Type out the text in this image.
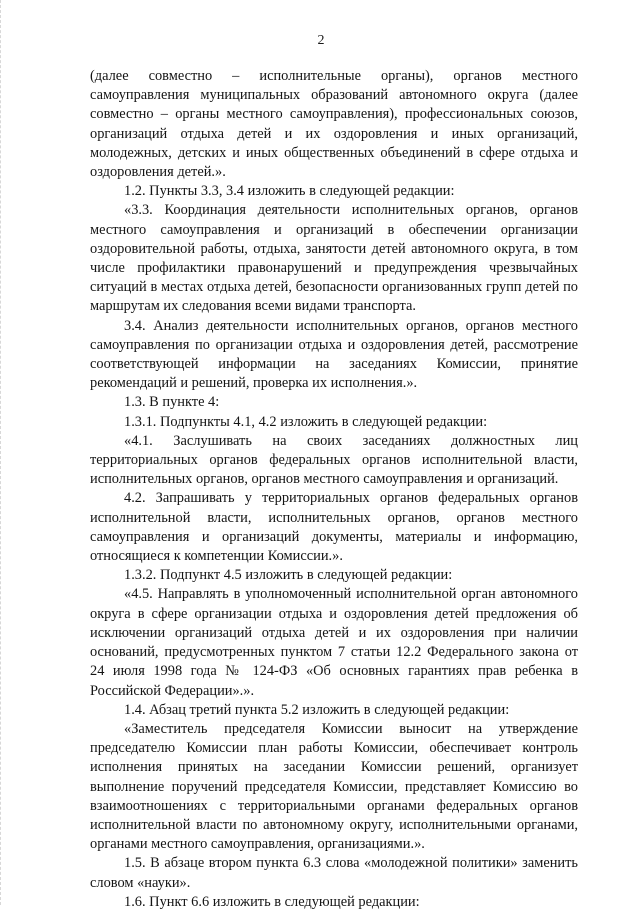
2

(далее совместно – исполнительные органы), органов местного самоуправления муниципальных образований автономного округа (далее совместно – органы местного самоуправления), профессиональных союзов, организаций отдыха детей и их оздоровления и иных организаций, молодежных, детских и иных общественных объединений в сфере отдыха и оздоровления детей.».

1.2. Пункты 3.3, 3.4 изложить в следующей редакции:

«3.3. Координация деятельности исполнительных органов, органов местного самоуправления и организаций в обеспечении организации оздоровительной работы, отдыха, занятости детей автономного округа, в том числе профилактики правонарушений и предупреждения чрезвычайных ситуаций в местах отдыха детей, безопасности организованных групп детей по маршрутам их следования всеми видами транспорта.

3.4. Анализ деятельности исполнительных органов, органов местного самоуправления по организации отдыха и оздоровления детей, рассмотрение соответствующей информации на заседаниях Комиссии, принятие рекомендаций и решений, проверка их исполнения.».

1.3. В пункте 4:

1.3.1. Подпункты 4.1, 4.2 изложить в следующей редакции:

«4.1. Заслушивать на своих заседаниях должностных лиц территориальных органов федеральных органов исполнительной власти, исполнительных органов, органов местного самоуправления и организаций.

4.2. Запрашивать у территориальных органов федеральных органов исполнительной власти, исполнительных органов, органов местного самоуправления и организаций документы, материалы и информацию, относящиеся к компетенции Комиссии.».

1.3.2. Подпункт 4.5 изложить в следующей редакции:

«4.5. Направлять в уполномоченный исполнительной орган автономного округа в сфере организации отдыха и оздоровления детей предложения об исключении организаций отдыха детей и их оздоровления при наличии оснований, предусмотренных пунктом 7 статьи 12.2 Федерального закона от 24 июля 1998 года № 124-ФЗ «Об основных гарантиях прав ребенка в Российской Федерации».».

1.4. Абзац третий пункта 5.2 изложить в следующей редакции:

«Заместитель председателя Комиссии выносит на утверждение председателю Комиссии план работы Комиссии, обеспечивает контроль исполнения принятых на заседании Комиссии решений, организует выполнение поручений председателя Комиссии, представляет Комиссию во взаимоотношениях с территориальными органами федеральных органов исполнительной власти по автономному округу, исполнительными органами, органами местного самоуправления, организациями.».

1.5. В абзаце втором пункта 6.3 слова «молодежной политики» заменить словом «науки».

1.6. Пункт 6.6 изложить в следующей редакции:
